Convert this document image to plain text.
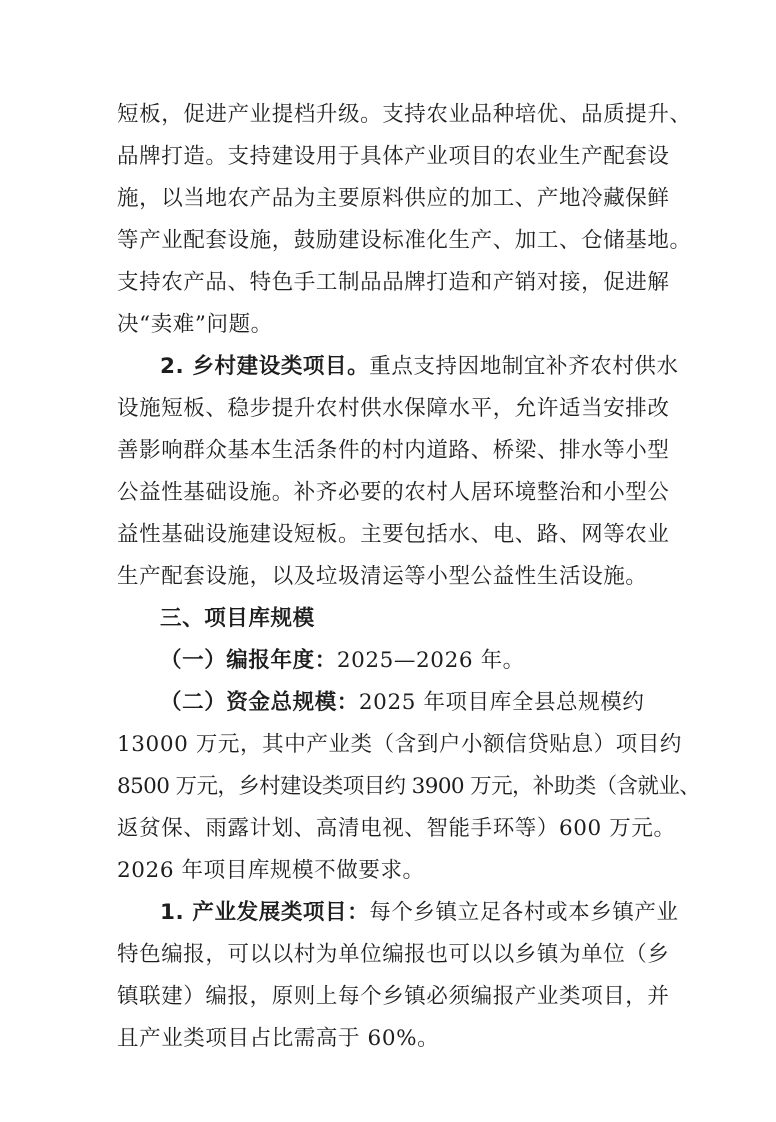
短板，促进产业提档升级。支持农业品种培优、品质提升、
品牌打造。支持建设用于具体产业项目的农业生产配套设
施，以当地农产品为主要原料供应的加工、产地冷藏保鲜
等产业配套设施，鼓励建设标准化生产、加工、仓储基地。
支持农产品、特色手工制品品牌打造和产销对接，促进解
决“卖难”问题。
2. 乡村建设类项目。重点支持因地制宜补齐农村供水
设施短板、稳步提升农村供水保障水平，允许适当安排改
善影响群众基本生活条件的村内道路、桥梁、排水等小型
公益性基础设施。补齐必要的农村人居环境整治和小型公
益性基础设施建设短板。主要包括水、电、路、网等农业
生产配套设施，以及垃圾清运等小型公益性生活设施。
三、项目库规模
（一）编报年度：2025—2026 年。
（二）资金总规模：2025 年项目库全县总规模约
13000 万元，其中产业类（含到户小额信贷贴息）项目约
8500 万元，乡村建设类项目约 3900 万元，补助类（含就业、
返贫保、雨露计划、高清电视、智能手环等）600 万元。
2026 年项目库规模不做要求。
1. 产业发展类项目：每个乡镇立足各村或本乡镇产业
特色编报，可以以村为单位编报也可以以乡镇为单位（乡
镇联建）编报，原则上每个乡镇必须编报产业类项目，并
且产业类项目占比需高于 60%。
